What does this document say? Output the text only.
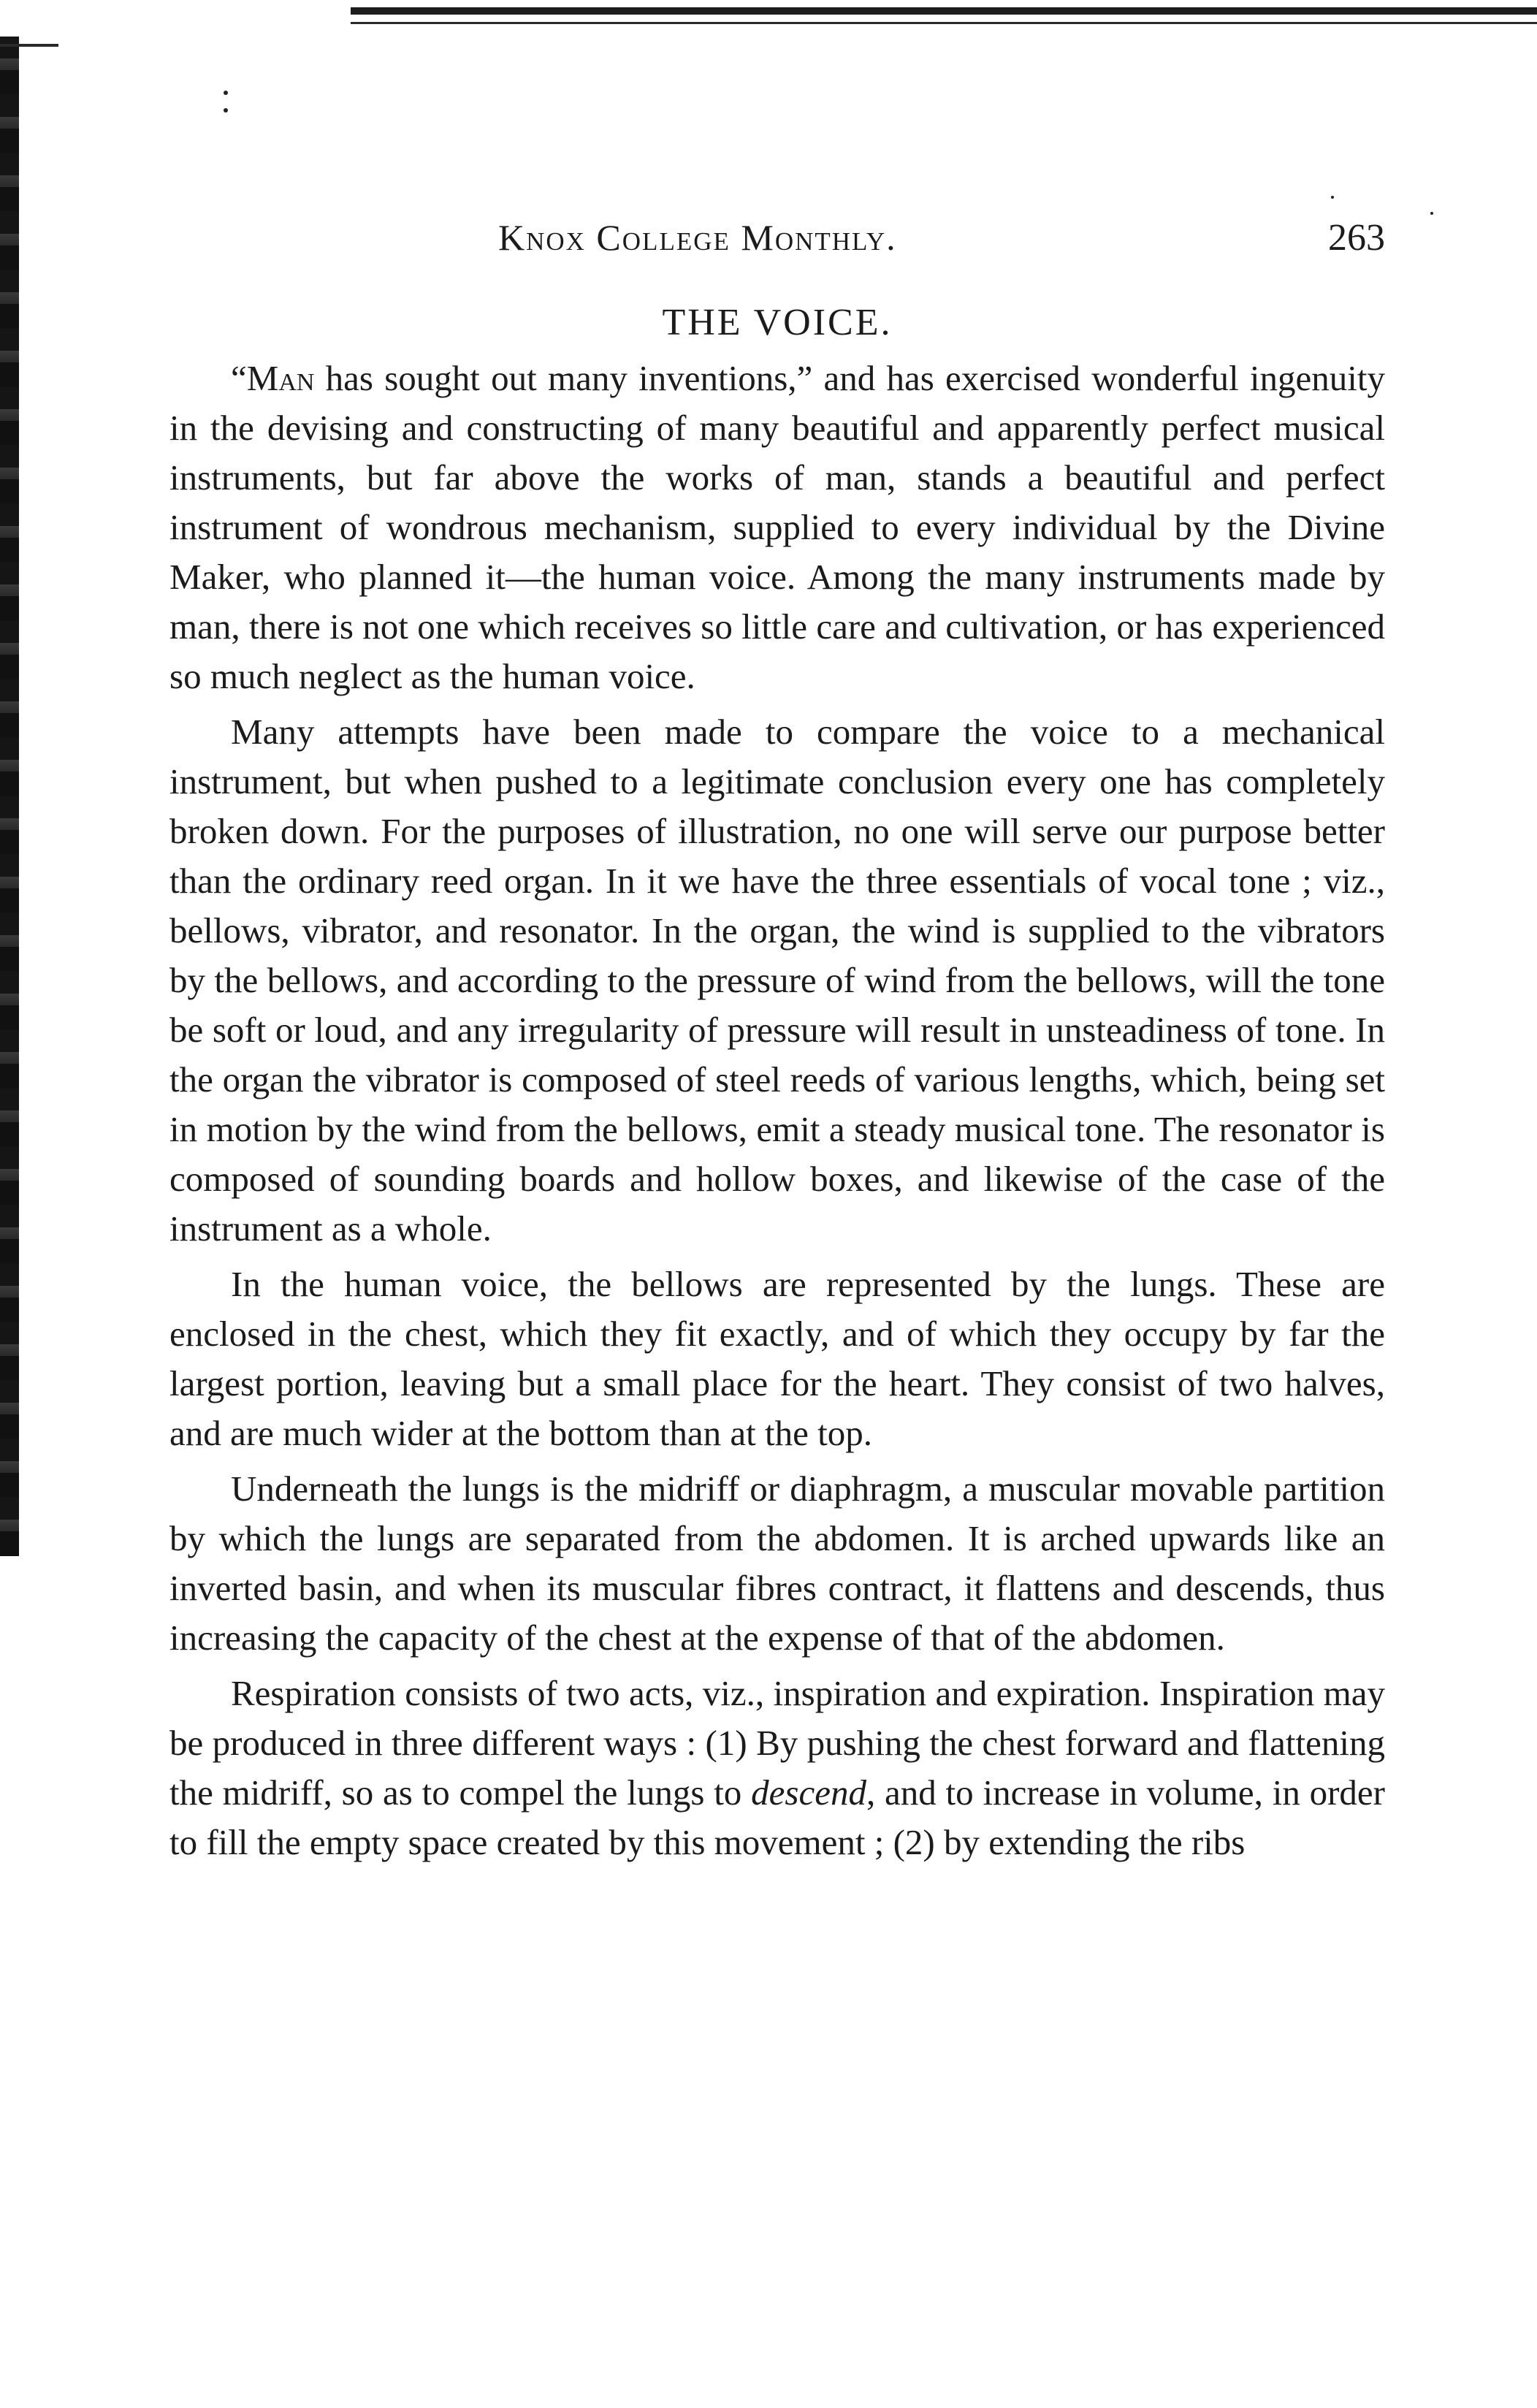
Knox College Monthly.	263
THE VOICE.

“Man has sought out many inventions,” and has exercised wonderful ingenuity in the devising and constructing of many beautiful and apparently perfect musical instruments, but far above the works of man, stands a beautiful and perfect instrument of wondrous mechanism, supplied to every individual by the Divine Maker, who planned it—the human voice. Among the many instruments made by man, there is not one which receives so little care and cultivation, or has experienced so much neglect as the human voice.

Many attempts have been made to compare the voice to a mechanical instrument, but when pushed to a legitimate conclusion every one has completely broken down. For the purposes of illustration, no one will serve our purpose better than the ordinary reed organ. In it we have the three essentials of vocal tone ; viz., bellows, vibrator, and resonator. In the organ, the wind is supplied to the vibrators by the bellows, and according to the pressure of wind from the bellows, will the tone be soft or loud, and any irregularity of pressure will result in unsteadiness of tone. In the organ the vibrator is composed of steel reeds of various lengths, which, being set in motion by the wind from the bellows, emit a steady musical tone. The resonator is composed of sounding boards and hollow boxes, and likewise of the case of the instrument as a whole.

In the human voice, the bellows are represented by the lungs. These are enclosed in the chest, which they fit exactly, and of which they occupy by far the largest portion, leaving but a small place for the heart. They consist of two halves, and are much wider at the bottom than at the top.

Underneath the lungs is the midriff or diaphragm, a muscular movable partition by which the lungs are separated from the abdomen. It is arched upwards like an inverted basin, and when its muscular fibres contract, it flattens and descends, thus increasing the capacity of the chest at the expense of that of the abdomen.

Respiration consists of two acts, viz., inspiration and expiration. Inspiration may be produced in three different ways : (1) By pushing the chest forward and flattening the midriff, so as to compel the lungs to descend, and to increase in volume, in order to fill the empty space created by this movement ; (2) by extending the ribs
